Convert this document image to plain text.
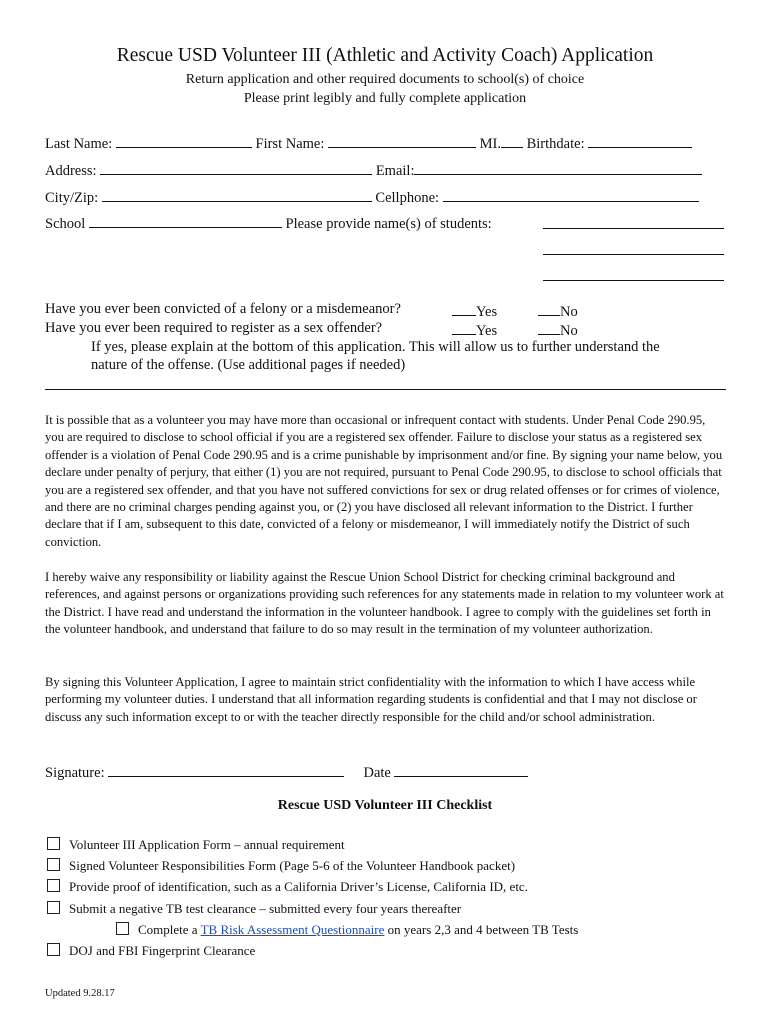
Rescue USD Volunteer III (Athletic and Activity Coach) Application
Return application and other required documents to school(s) of choice
Please print legibly and fully complete application
Last Name:	First Name:	MI. Birthdate:
Address:	Email:
City/Zip:	Cellphone:
School	Please provide name(s) of students:
Have you ever been convicted of a felony or a misdemeanor?	Yes	No
Have you ever been required to register as a sex offender?	Yes	No
If yes, please explain at the bottom of this application. This will allow us to further understand the
nature of the offense. (Use additional pages if needed)
It is possible that as a volunteer you may have more than occasional or infrequent contact with students. Under Penal Code 290.95, you are required to disclose to school official if you are a registered sex offender. Failure to disclose your status as a registered sex offender is a violation of Penal Code 290.95 and is a crime punishable by imprisonment and/or fine. By signing your name below, you declare under penalty of perjury, that either (1) you are not required, pursuant to Penal Code 290.95, to disclose to school officials that you are a registered sex offender, and that you have not suffered convictions for sex or drug related offenses or for crimes of violence, and there are no criminal charges pending against you, or (2) you have disclosed all relevant information to the District. I further declare that if I am, subsequent to this date, convicted of a felony or misdemeanor, I will immediately notify the District of such conviction.
I hereby waive any responsibility or liability against the Rescue Union School District for checking criminal background and references, and against persons or organizations providing such references for any statements made in relation to my volunteer work at the District. I have read and understand the information in the volunteer handbook. I agree to comply with the guidelines set forth in the volunteer handbook, and understand that failure to do so may result in the termination of my volunteer authorization.
By signing this Volunteer Application, I agree to maintain strict confidentiality with the information to which I have access while performing my volunteer duties. I understand that all information regarding students is confidential and that I may not disclose or discuss any such information except to or with the teacher directly responsible for the child and/or school administration.
Signature:	Date
Rescue USD Volunteer III Checklist
Volunteer III Application Form – annual requirement
Signed Volunteer Responsibilities Form (Page 5-6 of the Volunteer Handbook packet)
Provide proof of identification, such as a California Driver’s License, California ID, etc.
Submit a negative TB test clearance – submitted every four years thereafter
Complete a TB Risk Assessment Questionnaire on years 2,3 and 4 between TB Tests
DOJ and FBI Fingerprint Clearance
Updated 9.28.17
